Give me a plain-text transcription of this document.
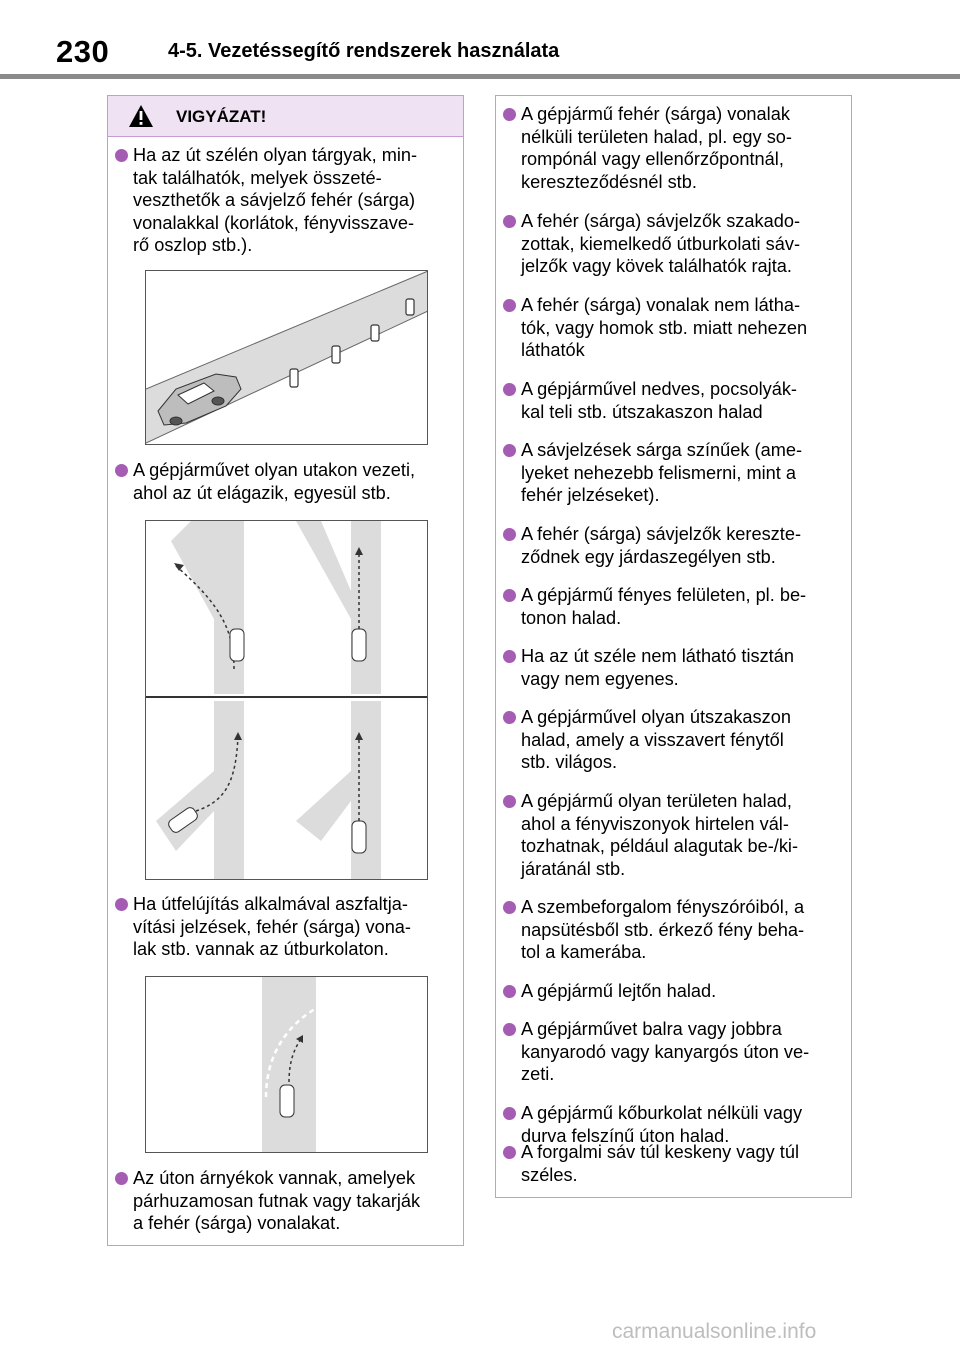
230	4-5. Vezetéssegítő rendszerek használata
VIGYÁZAT!
Ha az út szélén olyan tárgyak, min-
tak találhatók, melyek összeté-
veszthetők a sávjelző fehér (sárga)
vonalakkal (korlátok, fényvisszave-
rő oszlop stb.).
A gépjárművet olyan utakon vezeti,
ahol az út elágazik, egyesül stb.
Ha útfelújítás alkalmával aszfaltja-
vítási jelzések, fehér (sárga) vona-
lak stb. vannak az útburkolaton.
Az úton árnyékok vannak, amelyek
párhuzamosan futnak vagy takarják
a fehér (sárga) vonalakat.
A gépjármű fehér (sárga) vonalak
nélküli területen halad, pl. egy so-
rompónál vagy ellenőrzőpontnál,
kereszteződésnél stb.
A fehér (sárga) sávjelzők szakado-
zottak, kiemelkedő útburkolati sáv-
jelzők vagy kövek találhatók rajta.
A fehér (sárga) vonalak nem látha-
tók, vagy homok stb. miatt nehezen
láthatók
A gépjárművel nedves, pocsolyák-
kal teli stb. útszakaszon halad
A sávjelzések sárga színűek (ame-
lyeket nehezebb felismerni, mint a
fehér jelzéseket).
A fehér (sárga) sávjelzők kereszte-
ződnek egy járdaszegélyen stb.
A gépjármű fényes felületen, pl. be-
tonon halad.
Ha az út széle nem látható tisztán
vagy nem egyenes.
A gépjárművel olyan útszakaszon
halad, amely a visszavert fénytől
stb. világos.
A gépjármű olyan területen halad,
ahol a fényviszonyok hirtelen vál-
tozhatnak, például alagutak be-/ki-
járatánál stb.
A szembeforgalom fényszóróiból, a
napsütésből stb. érkező fény beha-
tol a kamerába.
A gépjármű lejtőn halad.
A gépjárművet balra vagy jobbra
kanyarodó vagy kanyargós úton ve-
zeti.
A gépjármű kőburkolat nélküli vagy
durva felszínű úton halad.
A forgalmi sáv túl keskeny vagy túl
széles.
carmanualsonline.info
